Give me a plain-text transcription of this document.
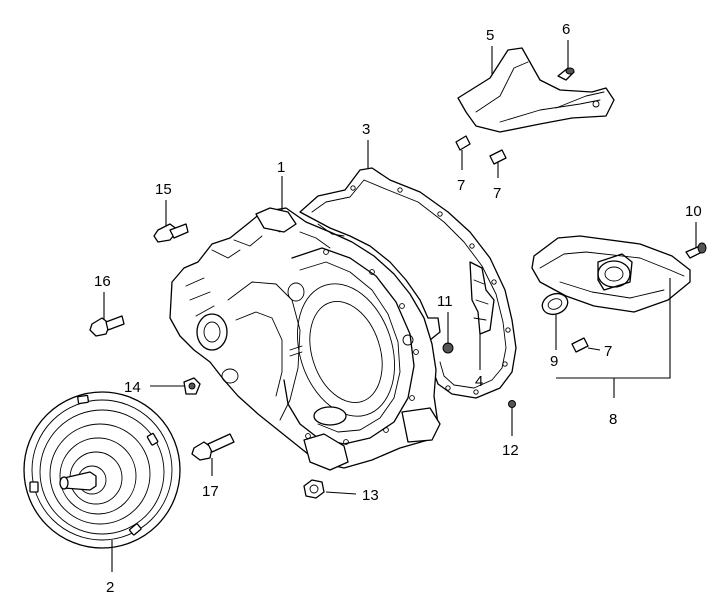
1
2
3
4
5	6
7 7
7
8
9
10
11
12
13
14
15
16
17
